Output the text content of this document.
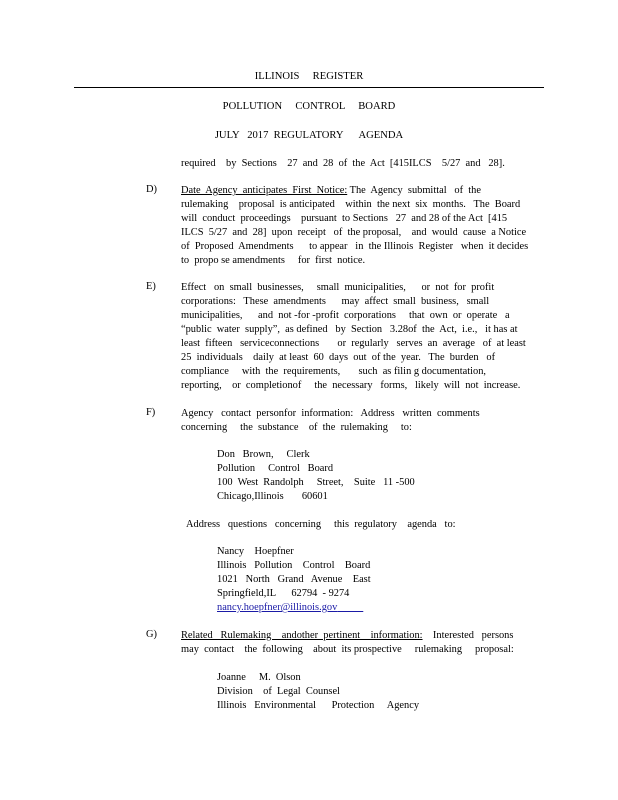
ILLINOIS     REGISTER
POLLUTION     CONTROL     BOARD
JULY   2017  REGULATORY      AGENDA
required    by  Sections    27  and  28  of  the  Act  [415ILCS    5/27  and   28].
D) Date  Agency  anticipates  First  Notice: The  Agency  submittal   of  the
rulemaking    proposal  is anticipated    within  the next  six  months.   The  Board
will  conduct  proceedings    pursuant  to Sections   27  and 28 of the Act  [415
ILCS  5/27  and  28]  upon  receipt   of  the proposal,    and  would  cause  a Notice
of  Proposed  Amendments      to appear   in  the Illinois  Register   when  it decides
to  propo se amendments     for  first  notice.
E) Effect   on  small  businesses,     small  municipalities,      or  not  for  profit
corporations:   These  amendments      may  affect  small  business,   small
municipalities,      and  not -for -profit  corporations     that  own  or  operate   a
“public  water  supply”,  as defined   by  Section   3.28of  the  Act,  i.e.,   it has at
least  fifteen   serviceconnections       or  regularly   serves  an  average   of  at least
25  individuals    daily  at least  60  days  out  of the  year.   The  burden   of
compliance     with  the  requirements,       such  as filin g documentation,
reporting,    or  completionof     the  necessary   forms,   likely  will  not  increase.
F) Agency   contact  personfor  information:   Address   written  comments
concerning     the  substance    of  the  rulemaking     to:
Don   Brown,     Clerk
Pollution     Control   Board
100  West  Randolph     Street,    Suite   11 -500
Chicago,Illinois       60601
Address   questions   concerning     this  regulatory    agenda   to:
Nancy    Hoepfner
Illinois   Pollution    Control    Board
1021   North   Grand   Avenue    East
Springfield,IL      62794  - 9274
nancy.hoepfner@illinois.gov
G) Related   Rulemaking    andother  pertinent    information:    Interested   persons
may  contact    the  following    about  its prospective     rulemaking     proposal:
Joanne     M.  Olson
Division    of  Legal  Counsel
Illinois   Environmental      Protection     Agency
